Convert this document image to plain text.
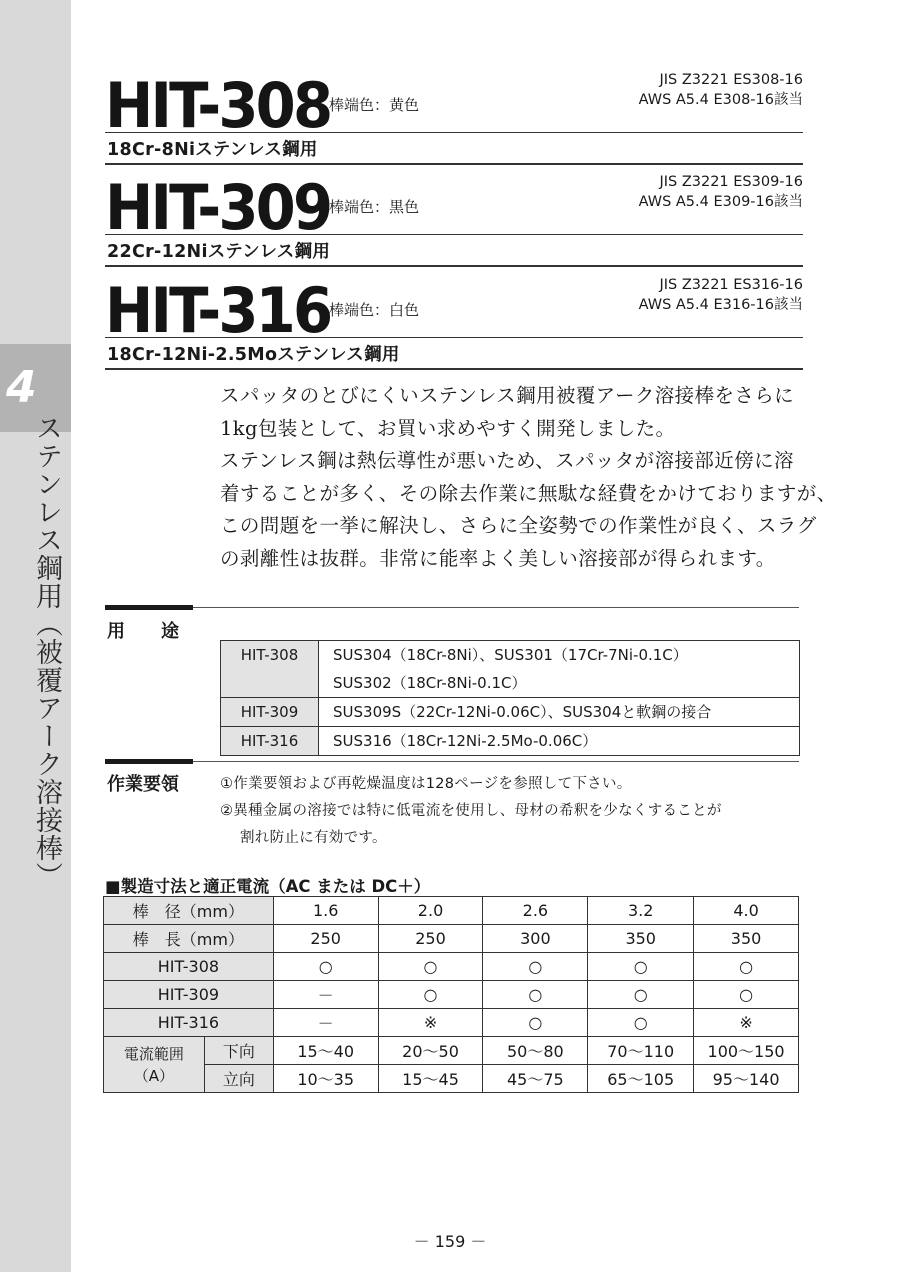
4
ステンレス鋼用（被覆アーク溶接棒）
HIT-308
棒端色：黄色
JIS Z3221 ES308-16
AWS A5.4 E308-16該当
18Cr-8Niステンレス鋼用
HIT-309
棒端色：黒色
JIS Z3221 ES309-16
AWS A5.4 E309-16該当
22Cr-12Niステンレス鋼用
HIT-316
棒端色：白色
JIS Z3221 ES316-16
AWS A5.4 E316-16該当
18Cr-12Ni-2.5Moステンレス鋼用

スパッタのとびにくいステンレス鋼用被覆アーク溶接棒をさらに

1kg包装として、お買い求めやすく開発しました。

ステンレス鋼は熱伝導性が悪いため、スパッタが溶接部近傍に溶

着することが多く、その除去作業に無駄な経費をかけておりますが、

この問題を一挙に解決し、さらに全姿勢での作業性が良く、スラグ

の剥離性は抜群。非常に能率よく美しい溶接部が得られます。

用　　途
HIT-308	SUS304（18Cr-8Ni）、SUS301（17Cr-7Ni-0.1C）
SUS302（18Cr-8Ni-0.1C）

HIT-309	SUS309S（22Cr-12Ni-0.06C）、SUS304と軟鋼の接合
HIT-316	SUS316（18Cr-12Ni-2.5Mo-0.06C）
作業要領	①作業要領および再乾燥温度は128ページを参照して下さい。
②異種金属の溶接では特に低電流を使用し、母材の希釈を少なくすることが
割れ防止に有効です。
■製造寸法と適正電流（AC または DC＋）
棒　径（mm）		1.6	2.0	2.6	3.2	4.0
棒　長（mm）		250	250	300	350	350
HIT-308		○	○	○	○	○
HIT-309		－	○	○	○	○
HIT-316		－	※	○	○	※

電流範囲
（A）	下向	15～40	20～50	50～80	70～110	100～150
	立向	10～35	15～45	45～75	65～105	95～140
－ 159 －
